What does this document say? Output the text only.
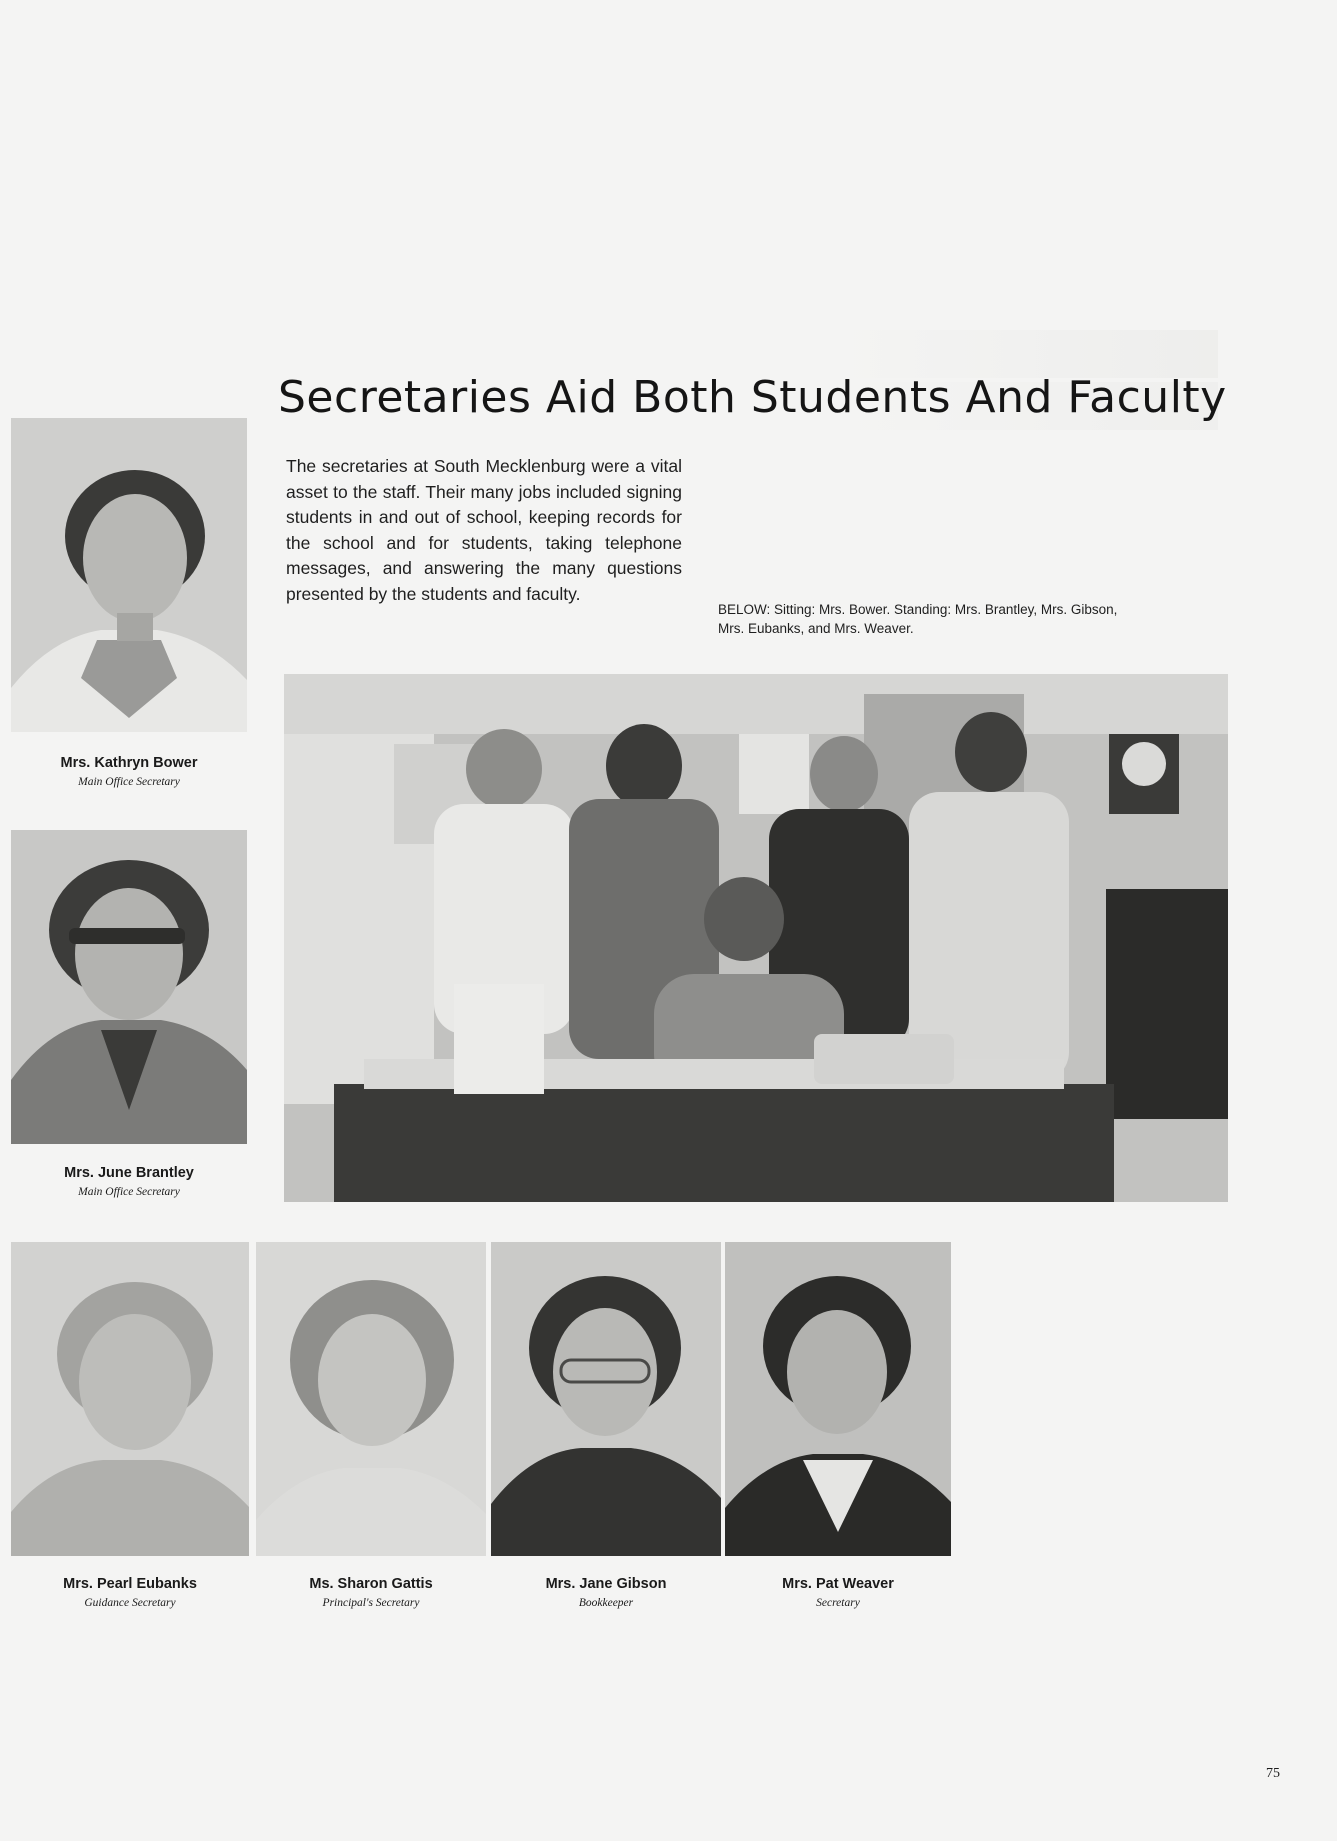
Secretaries Aid Both Students And Faculty
The secretaries at South Mecklenburg were a vital asset to the staff. Their many jobs included signing students in and out of school, keeping records for the school and for students, taking telephone messages, and answering the many questions presented by the students and faculty.
BELOW: Sitting: Mrs. Bower. Standing: Mrs. Brantley, Mrs. Gibson, Mrs. Eubanks, and Mrs. Weaver.
Mrs. Kathryn Bower
Main Office Secretary
Mrs. June Brantley
Main Office Secretary
Mrs. Pearl Eubanks
Guidance Secretary
Ms. Sharon Gattis
Principal's Secretary
Mrs. Jane Gibson
Bookkeeper
Mrs. Pat Weaver
Secretary
75
